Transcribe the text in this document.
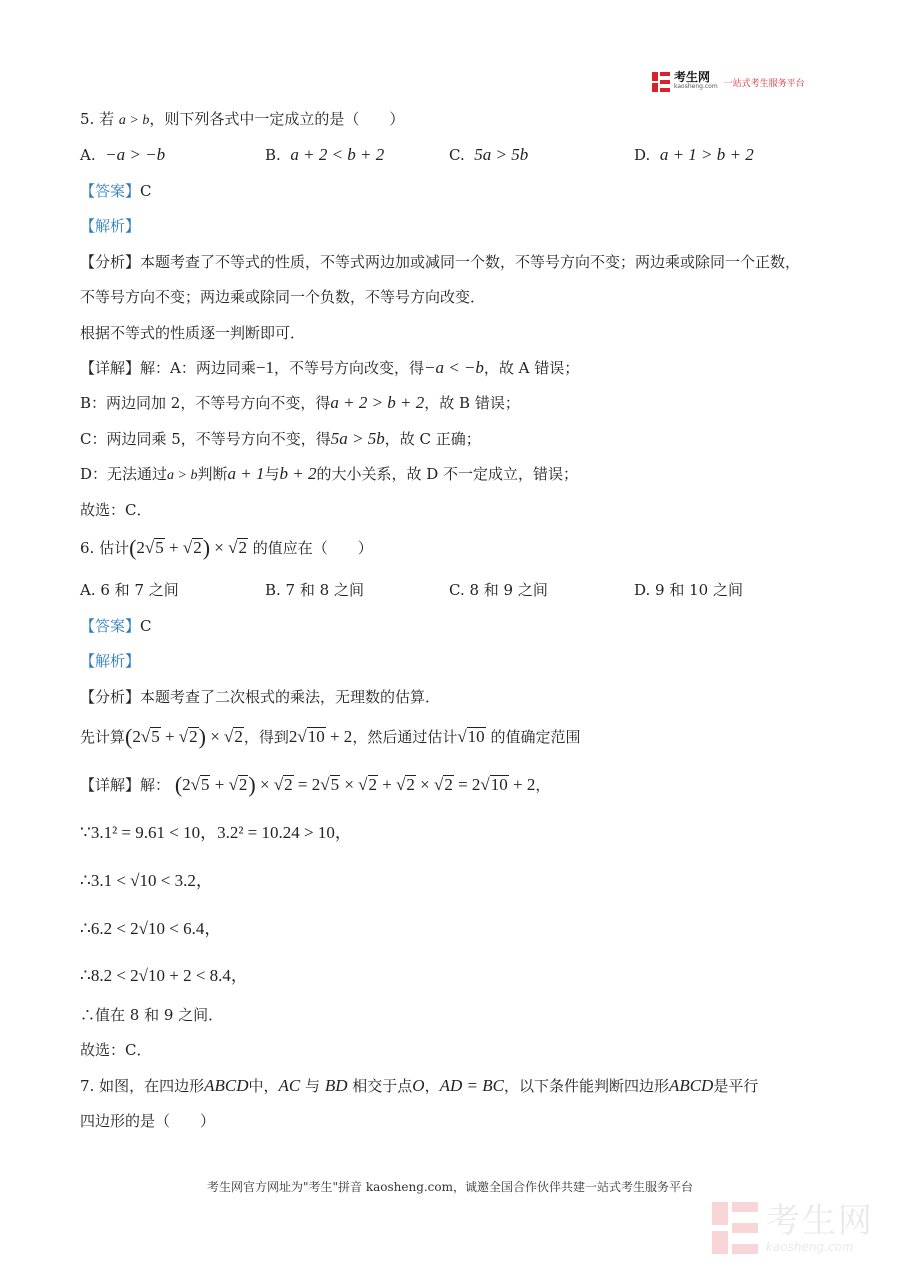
考生网
kaosheng.com 一站式考生服务平台
5. 若 a > b，则下列各式中一定成立的是（　　）
A. −a > −b	B. a + 2 < b + 2	C. 5a > 5b	D. a + 1 > b + 2
【答案】C
【解析】
【分析】本题考查了不等式的性质，不等式两边加或减同一个数，不等号方向不变；两边乘或除同一个正数，
不等号方向不变；两边乘或除同一个负数，不等号方向改变．
根据不等式的性质逐一判断即可．
【详解】解：A：两边同乘−1，不等号方向改变，得−a < −b，故 A 错误；
B：两边同加 2，不等号方向不变，得a + 2 > b + 2，故 B 错误；
C：两边同乘 5，不等号方向不变，得5a > 5b，故 C 正确；
D：无法通过a > b判断a + 1与b + 2的大小关系，故 D 不一定成立，错误；
故选：C．
6. 估计(2√5 + √2) × √2 的值应在（　　）
A. 6 和 7 之间	B. 7 和 8 之间	C. 8 和 9 之间	D. 9 和 10 之间
【答案】C
【解析】
【分析】本题考查了二次根式的乘法，无理数的估算．
先计算(2√5 + √2) × √2，得到2√10 + 2，然后通过估计√10 的值确定范围
【详解】解： (2√5 + √2) × √2 = 2√5 × √2 + √2 × √2 = 2√10 + 2，
∵3.1² = 9.61 < 10，3.2² = 10.24 > 10，
∴3.1 < √10 < 3.2，
∴6.2 < 2√10 < 6.4，
∴8.2 < 2√10 + 2 < 8.4，
∴值在 8 和 9 之间．
故选：C．
7. 如图，在四边形ABCD中，AC 与 BD 相交于点O，AD = BC，以下条件能判断四边形ABCD是平行
四边形的是（　　）
考生网官方网址为"考生"拼音 kaosheng.com，诚邀全国合作伙伴共建一站式考生服务平台
考生网
kaosheng.com
